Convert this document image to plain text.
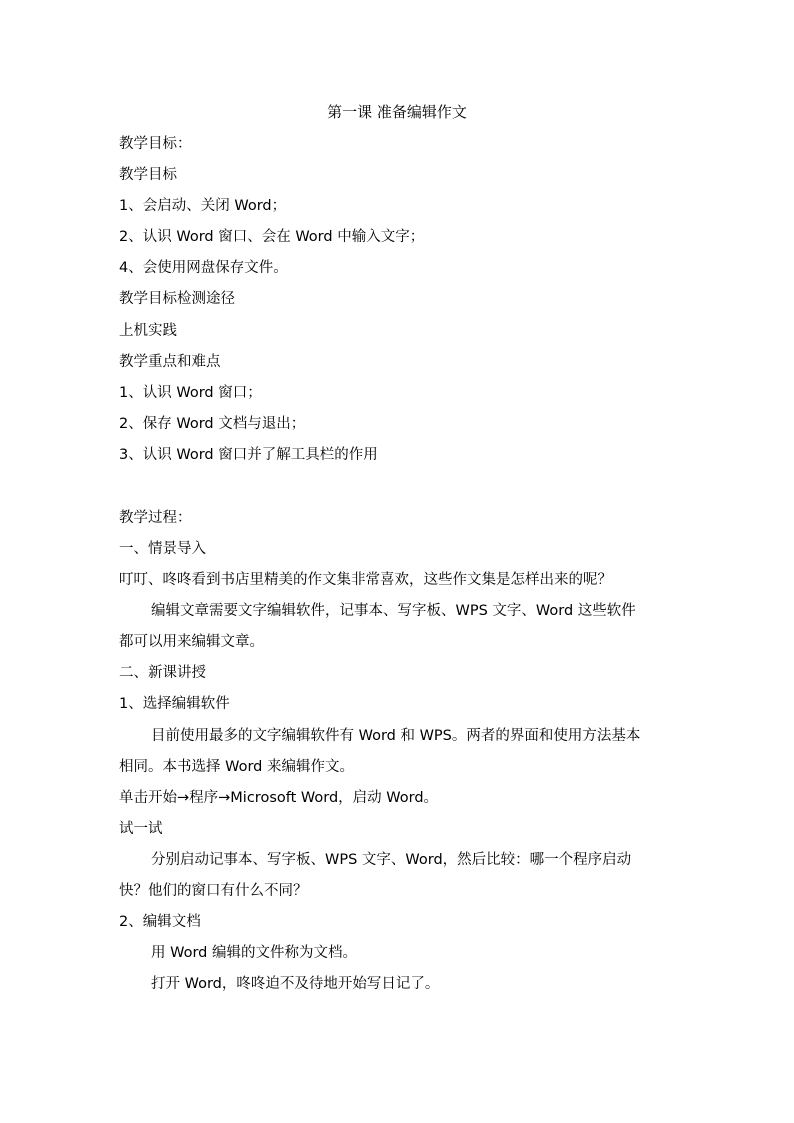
第一课 准备编辑作文
教学目标：
教学目标
1、会启动、关闭 Word；
2、认识 Word 窗口、会在 Word 中输入文字；
4、会使用网盘保存文件。
教学目标检测途径
上机实践
教学重点和难点
1、认识 Word 窗口；
2、保存 Word 文档与退出；
3、认识 Word 窗口并了解工具栏的作用
教学过程：
一、情景导入
叮叮、咚咚看到书店里精美的作文集非常喜欢，这些作文集是怎样出来的呢？
编辑文章需要文字编辑软件，记事本、写字板、WPS 文字、Word 这些软件
都可以用来编辑文章。
二、新课讲授
1、选择编辑软件
目前使用最多的文字编辑软件有 Word 和 WPS。两者的界面和使用方法基本
相同。本书选择 Word 来编辑作文。
单击开始→程序→Microsoft Word，启动 Word。
试一试
分别启动记事本、写字板、WPS 文字、Word，然后比较：哪一个程序启动
快？他们的窗口有什么不同？
2、编辑文档
用 Word 编辑的文件称为文档。
打开 Word，咚咚迫不及待地开始写日记了。
